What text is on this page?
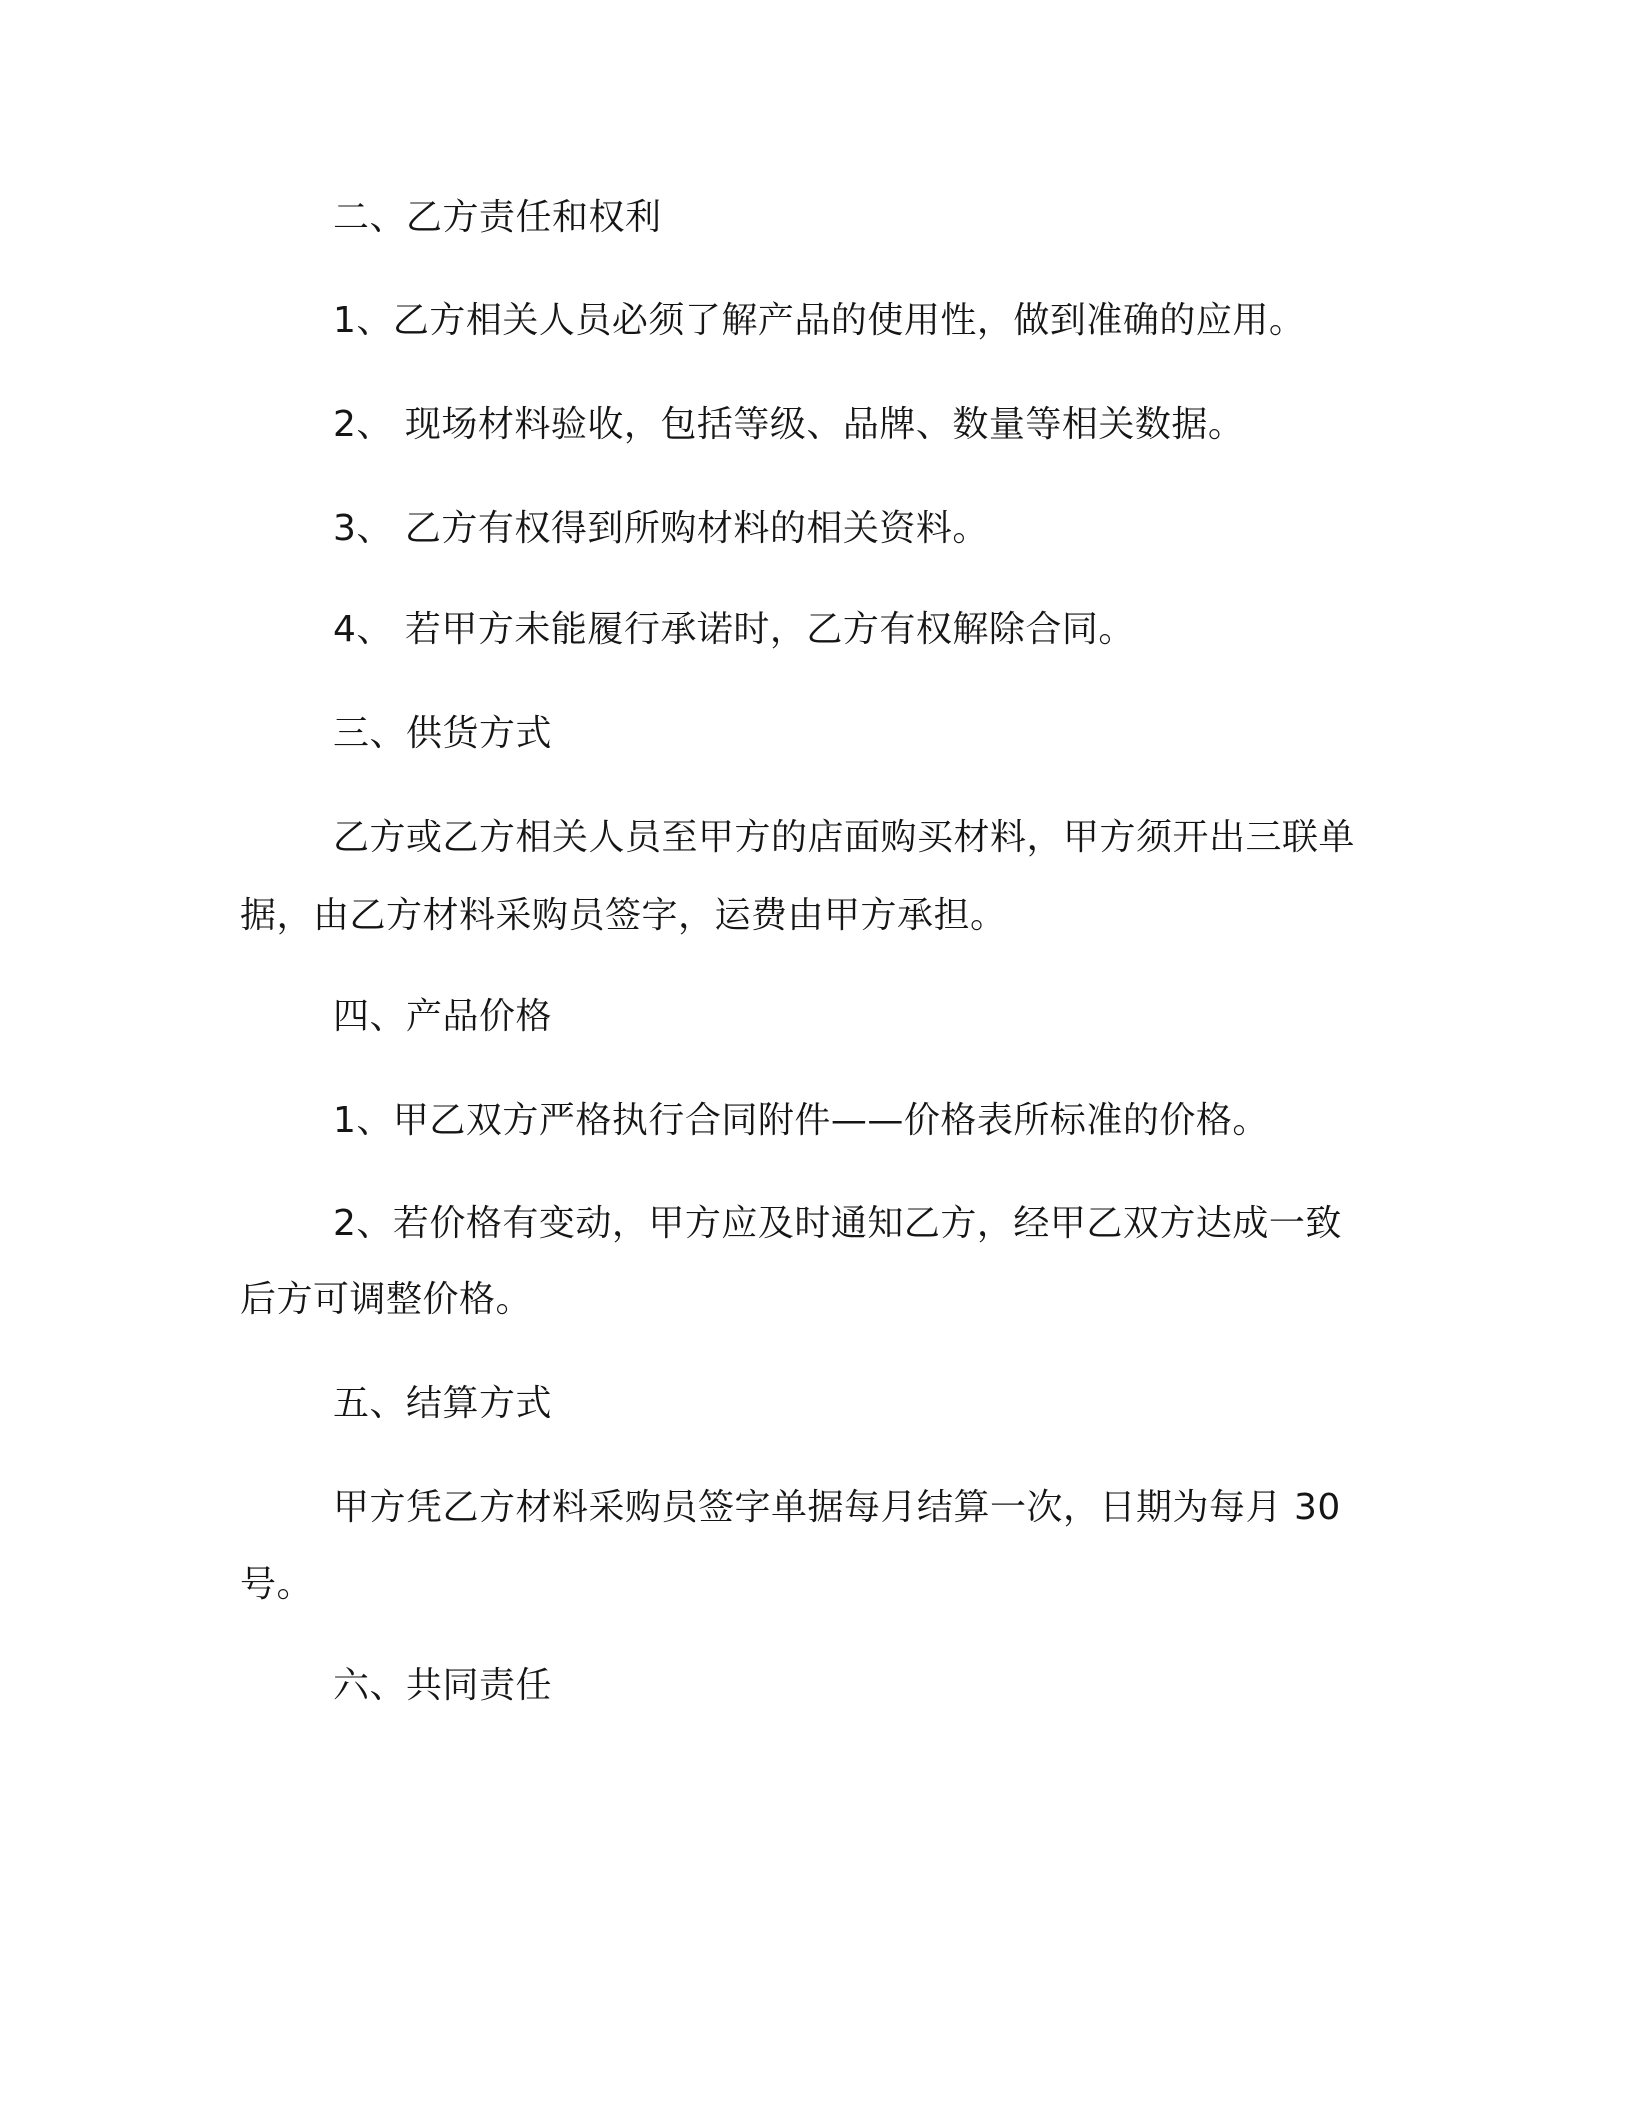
二、乙方责任和权利
1、乙方相关人员必须了解产品的使用性，做到准确的应用。
2、 现场材料验收，包括等级、品牌、数量等相关数据。
3、 乙方有权得到所购材料的相关资料。
4、 若甲方未能履行承诺时，乙方有权解除合同。
三、供货方式
乙方或乙方相关人员至甲方的店面购买材料，甲方须开出三联单
据，由乙方材料采购员签字，运费由甲方承担。
四、产品价格
1、甲乙双方严格执行合同附件——价格表所标准的价格。
2、若价格有变动，甲方应及时通知乙方，经甲乙双方达成一致
后方可调整价格。
五、结算方式
甲方凭乙方材料采购员签字单据每月结算一次，日期为每月 30
号。
六、共同责任
